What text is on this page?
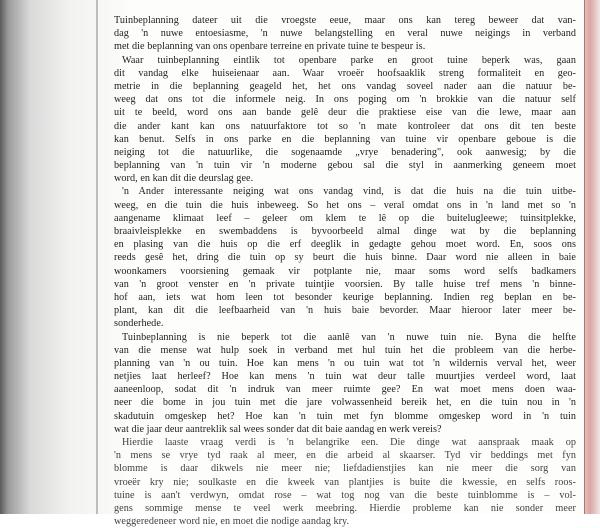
Tuinbeplanning dateer uit die vroegste eeue, maar ons kan tereg beweer dat van-
dag 'n nuwe entoesiasme, 'n nuwe belangstelling en veral nuwe neigings in verband
met die beplanning van ons openbare terreine en private tuine te bespeur is.
Waar tuinbeplanning eintlik tot openbare parke en groot tuine beperk was, gaan
dit vandag elke huiseienaar aan. Waar vroeër hoofsaaklik streng formaliteit en geo-
metrie in die beplanning geageld het, het ons vandag soveel nader aan die natuur be-
weeg dat ons tot die informele neig. In ons poging om 'n brokkie van die natuur self
uit te beeld, word ons aan bande gelê deur die praktiese eise van die lewe, maar aan
die ander kant kan ons natuurfaktore tot so 'n mate kontroleer dat ons dit ten beste
kan benut. Selfs in ons parke en die beplanning van tuine vir openbare geboue is die
neiging tot die natuurlike, die sogenaamde „vrye benadering", ook aanwesig; by die
beplanning van 'n tuin vir 'n moderne gebou sal die styl in aanmerking geneem moet
word, en kan dit die deurslag gee.
'n Ander interessante neiging wat ons vandag vind, is dat die huis na die tuin uitbe-
weeg, en die tuin die huis inbeweeg. So het ons – veral omdat ons in 'n land met so 'n
aangename klimaat leef – geleer om klem te lê op die buitelugleewe; tuinsitplekke,
braaivleisplekke en swembaddens is byvoorbeeld almal dinge wat by die beplanning
en plasing van die huis op die erf deeglik in gedagte gehou moet word. En, soos ons
reeds gesê het, dring die tuin op sy beurt die huis binne. Daar word nie alleen in baie
woonkamers voorsiening gemaak vir potplante nie, maar soms word selfs badkamers
van 'n groot venster en 'n private tuintjie voorsien. By talle huise tref mens 'n binne-
hof aan, iets wat hom leen tot besonder keurige beplanning. Indien reg beplan en be-
plant, kan dit die leefbaarheid van 'n huis baie bevorder. Maar hieroor later meer be-
sonderhede.
Tuinbeplanning is nie beperk tot die aanlê van 'n nuwe tuin nie. Byna die helfte
van die mense wat hulp soek in verband met hul tuin het die probleem van die herbe-
planning van 'n ou tuin. Hoe kan mens 'n ou tuin wat tot 'n wildernis verval het, weer
netjies laat herleef? Hoe kan mens 'n tuin wat deur talle muurtjies verdeel word, laat
aaneenloop, sodat dit 'n indruk van meer ruimte gee? En wat moet mens doen waa-
neer die bome in jou tuin met die jare volwassenheid bereik het, en die tuin nou in 'n
skadutuin omgeskep het? Hoe kan 'n tuin met fyn blomme omgeskep word in 'n tuin
wat die jaar deur aantreklik sal wees sonder dat dit baie aandag en werk vereis?
Hierdie laaste vraag verdi is 'n belangrike een. Die dinge wat aanspraak maak op
'n mens se vrye tyd raak al meer, en die arbeid al skaarser. Tyd vir beddings met fyn
blomme is daar dikwels nie meer nie; liefdadienstjies kan nie meer die sorg van
vroeër kry nie; soulkaste en die kweek van plantjies is buite die kwessie, en selfs roos-
tuine is aan't verdwyn, omdat rose – wat tog nog van die beste tuinblomme is – vol-
gens sommige mense te veel werk meebring. Hierdie probleme kan nie sonder meer
weggeredeneer word nie, en moet die nodige aandag kry.
